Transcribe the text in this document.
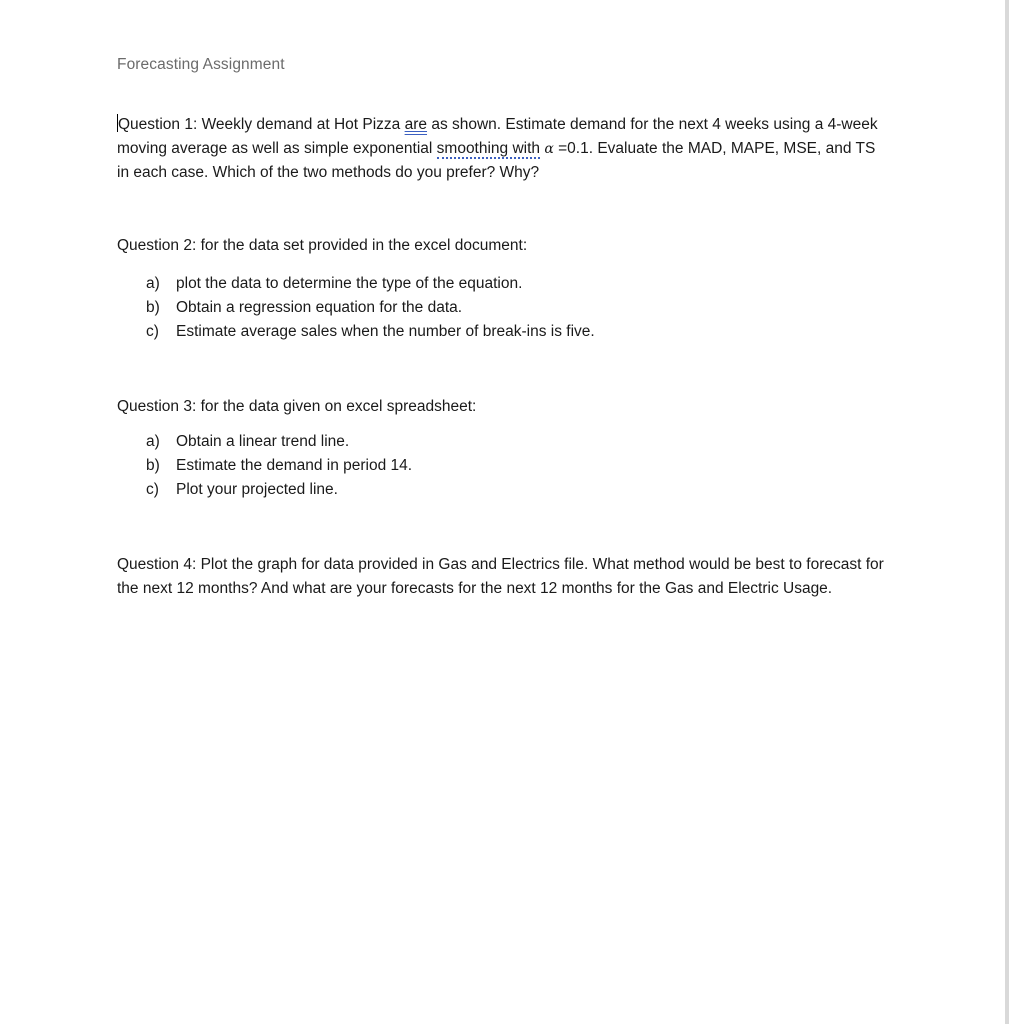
Forecasting Assignment
Question 1: Weekly demand at Hot Pizza are as shown. Estimate demand for the next 4 weeks using a 4-week moving average as well as simple exponential smoothing with α =0.1. Evaluate the MAD, MAPE, MSE, and TS in each case. Which of the two methods do you prefer? Why?
Question 2: for the data set provided in the excel document:
a)	plot the data to determine the type of the equation.
b)	Obtain a regression equation for the data.
c)	Estimate average sales when the number of break-ins is five.
Question 3: for the data given on excel spreadsheet:
a)	Obtain a linear trend line.
b)	Estimate the demand in period 14.
c)	Plot your projected line.
Question 4: Plot the graph for data provided in Gas and Electrics file. What method would be best to forecast for the next 12 months? And what are your forecasts for the next 12 months for the Gas and Electric Usage.
